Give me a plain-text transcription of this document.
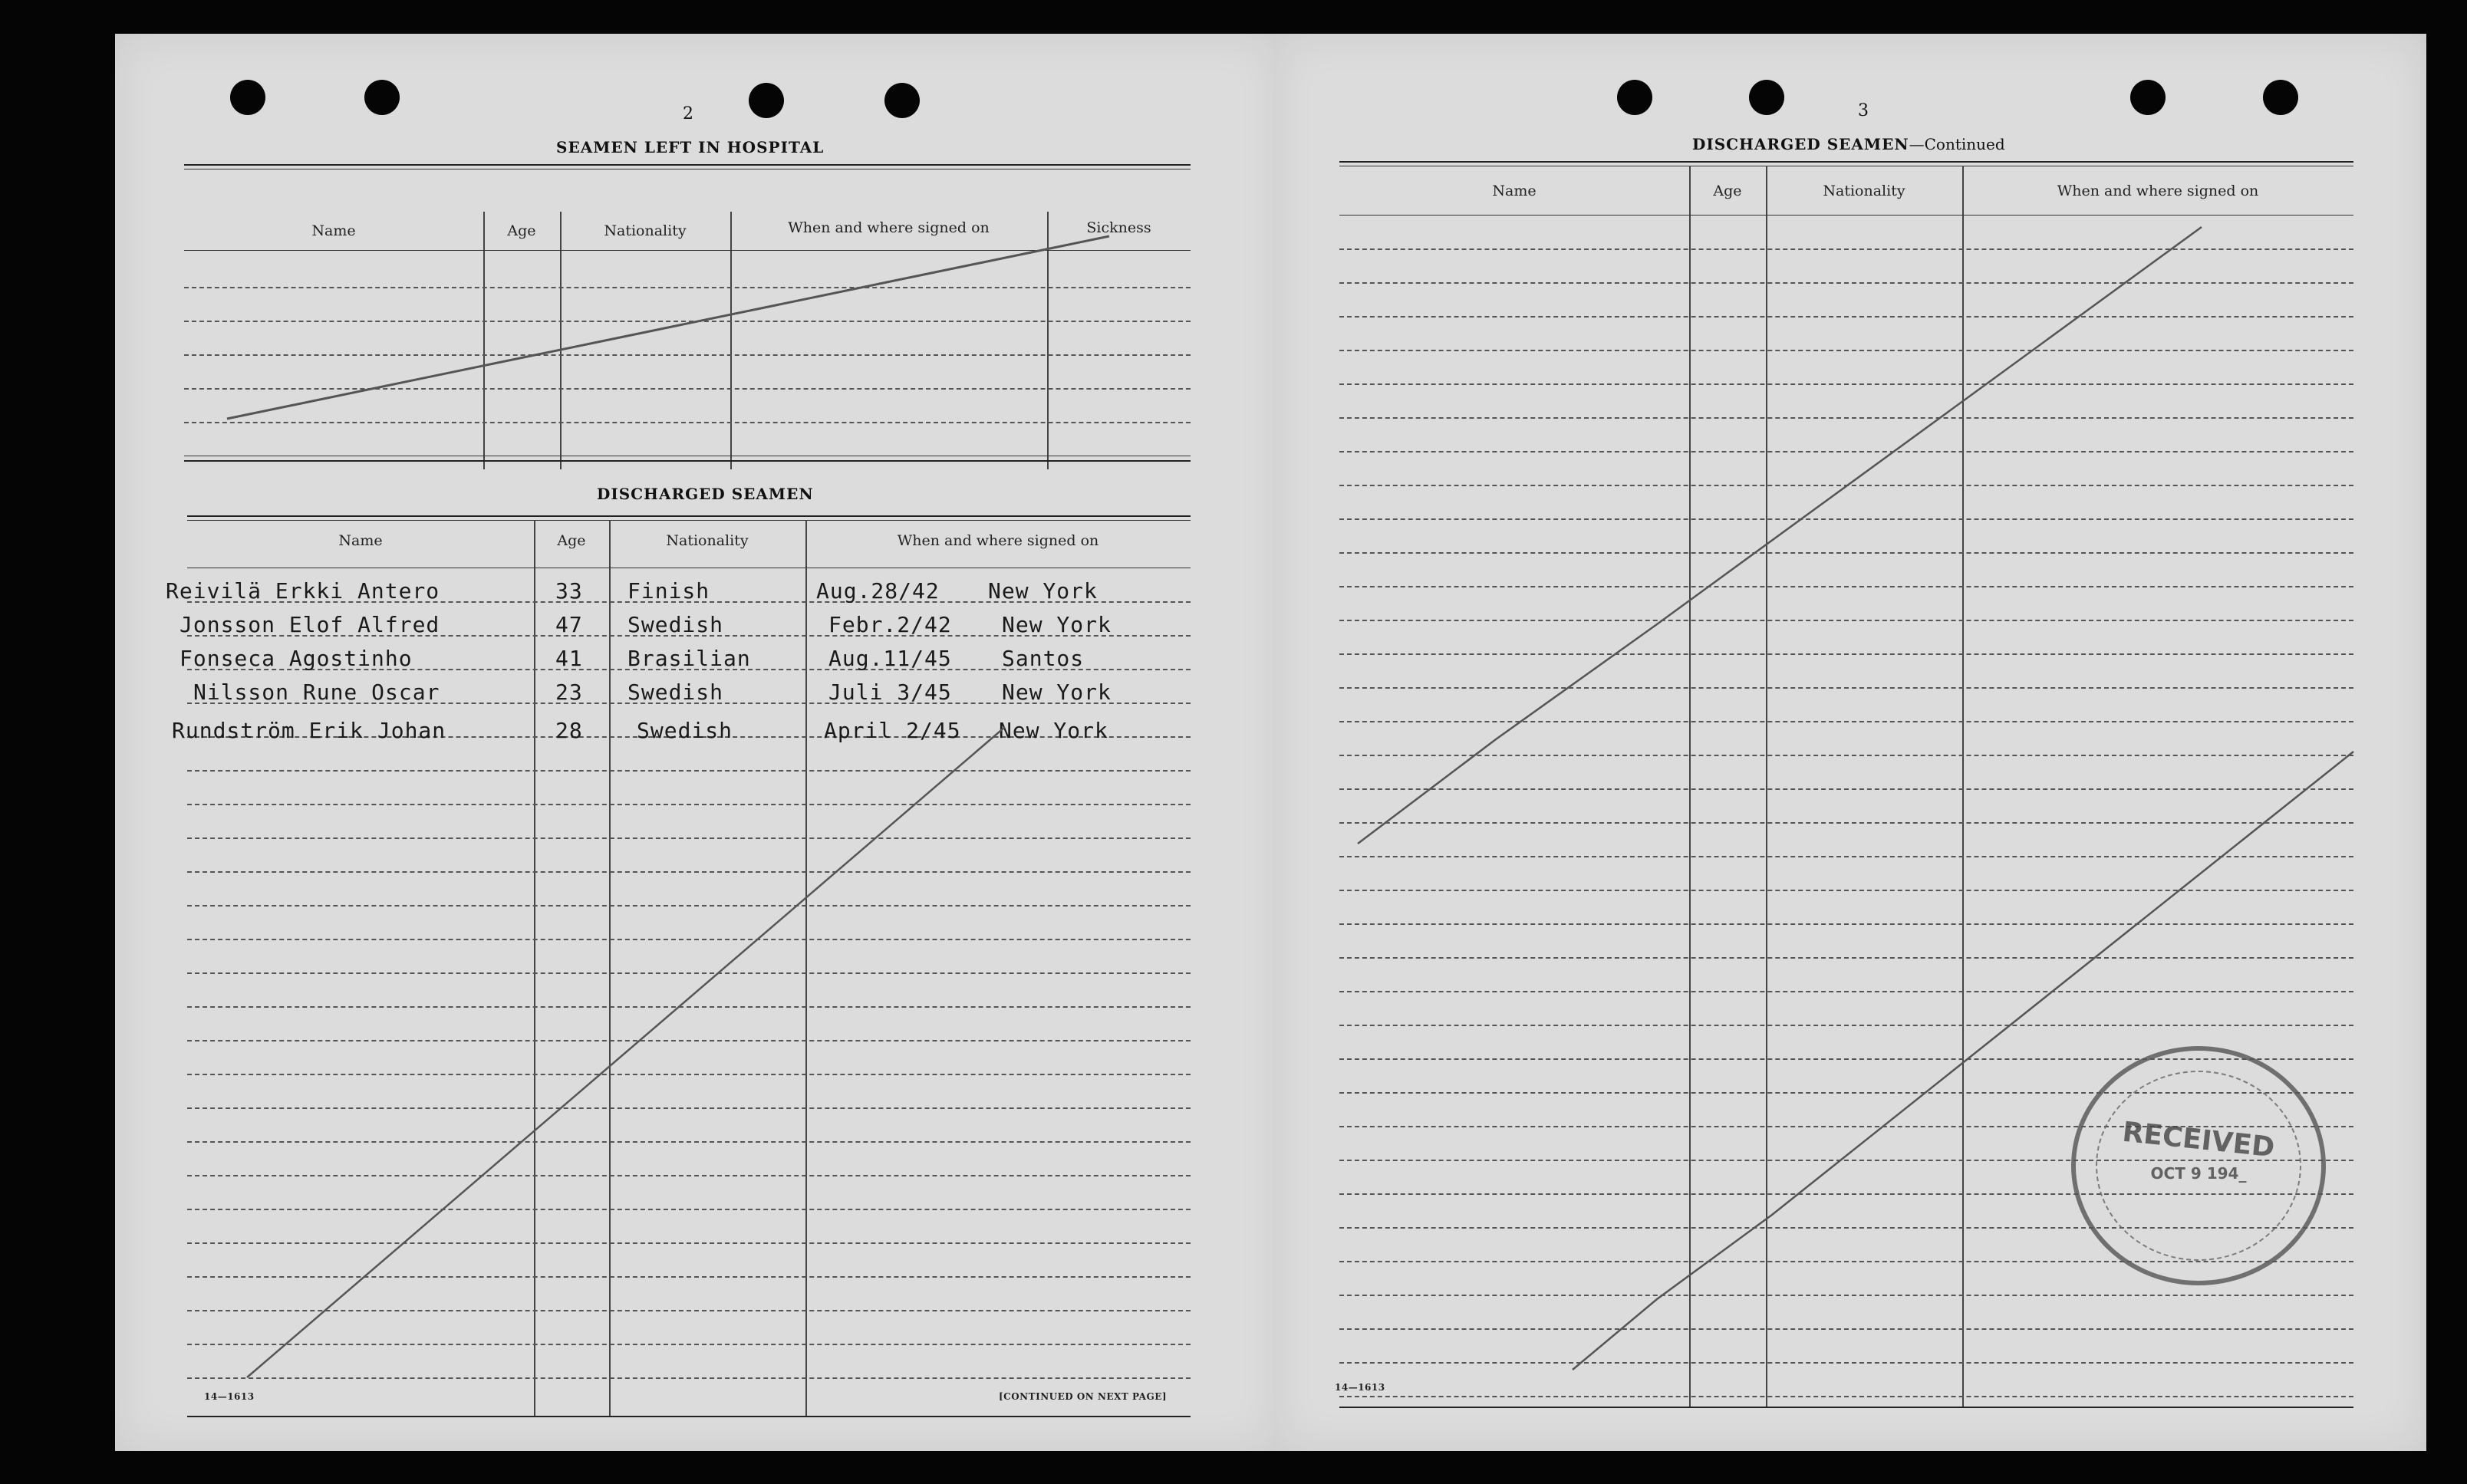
2
SEAMEN LEFT IN HOSPITAL
Name	Age	Nationality	When and where signed on	Sickness
DISCHARGED SEAMEN
Name	Age	Nationality	When and where signed on
Reivilä Erkki Antero	33 Finish	Aug.28/42 New York
Jonsson Elof Alfred	47 Swedish	Febr.2/42 New York
Fonseca Agostinho	41 Brasilian	Aug.11/45 Santos
Nilsson Rune Oscar	23 Swedish	Juli 3/45 New York
Rundström Erik Johan	28	Swedish	April 2/45 New York
14—1613	[CONTINUED ON NEXT PAGE]
3
DISCHARGED SEAMEN—Continued
Name	Age	Nationality	When and where signed on
14—1613
RECEIVED
OCT 9 194_
